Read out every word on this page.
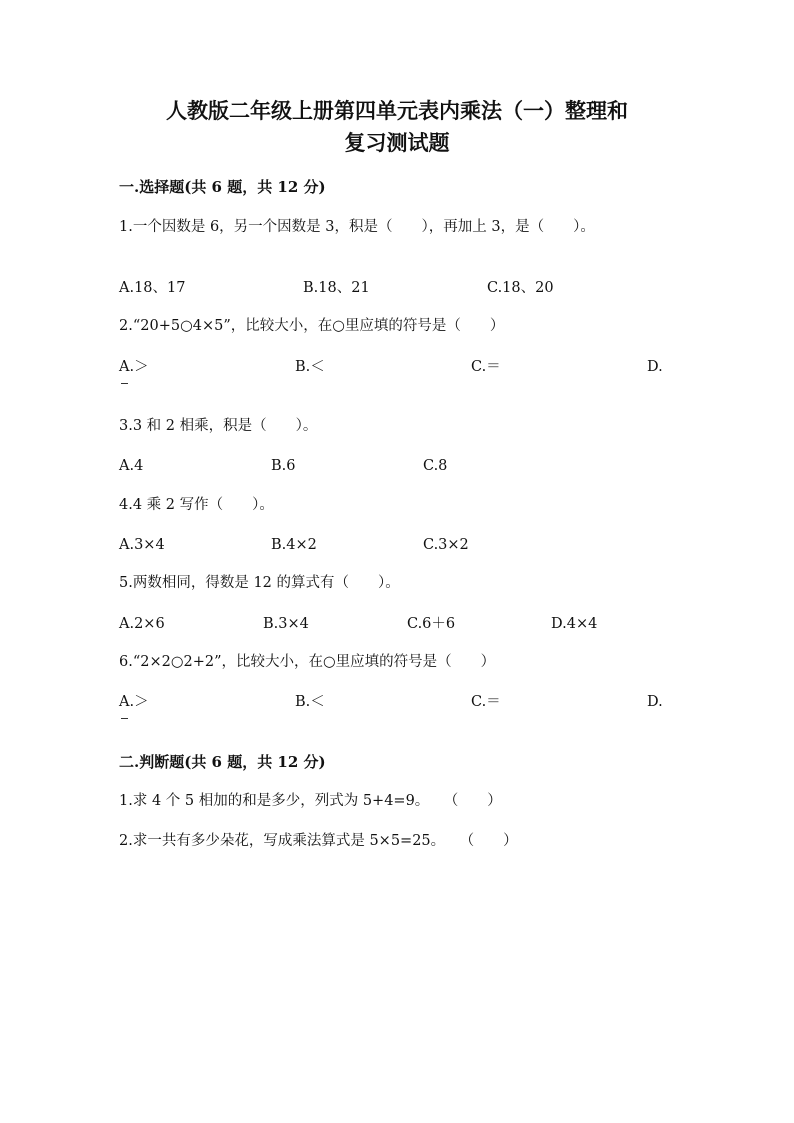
人教版二年级上册第四单元表内乘法（一）整理和
复习测试题
一.选择题(共 6 题，共 12 分)
1.一个因数是 6，另一个因数是 3，积是（　　），再加上 3，是（　　）。
A.18、17	B.18、21	C.18、20
2.“20+5○4×5”，比较大小，在○里应填的符号是（　　）
A.＞	B.＜	C.＝	D.
3.3 和 2 相乘，积是（　　）。
A.4	B.6	C.8
4.4 乘 2 写作（　　）。
A.3×4	B.4×2	C.3×2
5.两数相同，得数是 12 的算式有（　　）。
A.2×6	B.3×4	C.6＋6	D.4×4
6.“2×2○2+2”，比较大小，在○里应填的符号是（　　）
A.＞	B.＜	C.＝	D.
二.判断题(共 6 题，共 12 分)
1.求 4 个 5 相加的和是多少，列式为 5+4=9。　　（　　）
2.求一共有多少朵花，写成乘法算式是 5×5=25。　　（　　）
